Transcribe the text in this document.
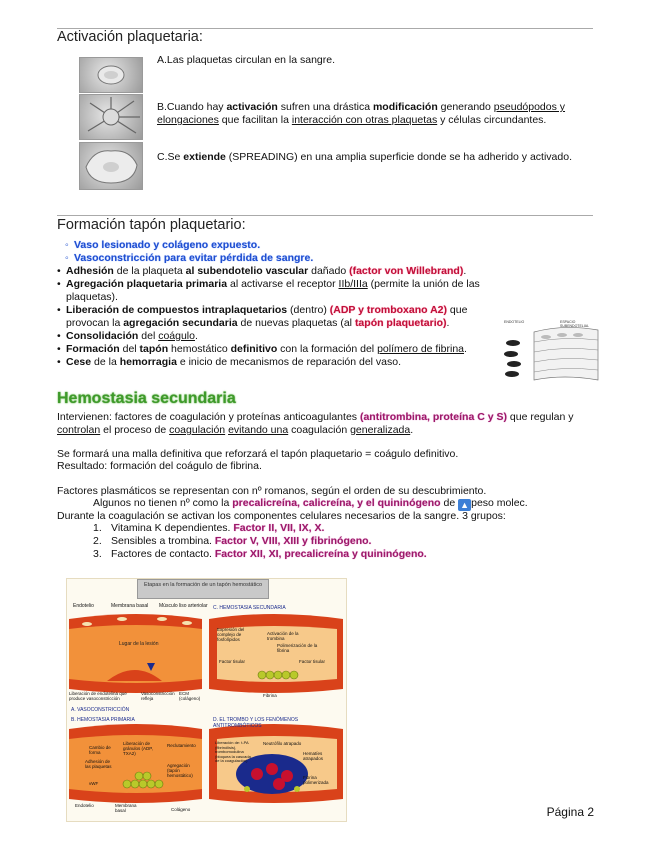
Activación plaquetaria:
A.Las plaquetas circulan en la sangre.
B.Cuando hay activación sufren una drástica modificación generando pseudópodos y elongaciones que facilitan la interacción con otras plaquetas y células circundantes.
C.Se extiende (SPREADING) en una amplia superficie donde se ha adherido y activado.
Formación tapón plaquetario:
◦ Vaso lesionado y colágeno expuesto.
◦ Vasoconstricción para evitar pérdida de sangre.
• Adhesión de la plaqueta al subendotelio vascular dañado (factor von Willebrand).
• Agregación plaquetaria primaria al activarse el receptor IIb/IIIa (permite la unión de las plaquetas).
• Liberación de compuestos intraplaquetarios (dentro) (ADP y tromboxano A2) que provocan la agregación secundaria de nuevas plaquetas (al tapón plaquetario).
• Consolidación del coágulo.
• Formación del tapón hemostático definitivo con la formación del polímero de fibrina.
• Cese de la hemorragia e inicio de mecanismos de reparación del vaso.
ENDOTELIO	ESPACIO SUBENDOTELIAL
Hemostasia secundaria
Intervienen: factores de coagulación y proteínas anticoagulantes (antitrombina, proteína C y S) que regulan y
controlan el proceso de coagulación evitando una coagulación generalizada.
Se formará una malla definitiva que reforzará el tapón plaquetario = coágulo definitivo.
Resultado: formación del coágulo de fibrina.
Factores plasmáticos se representan con nº romanos, según el orden de su descubrimiento.
Algunos no tienen nº como la precalicreína, calicreína, y el quininógeno de ▲ peso molec.
Durante la coagulación se activan los componentes celulares necesarios de la sangre. 3 grupos:
1. Vitamina K dependientes. Factor II, VII, IX, X.
2. Sensibles a trombina. Factor V, VIII, XIII y fibrinógeno.
3. Factores de contacto. Factor XII, XI, precalicreína y quininógeno.
Etapas en la formación de un tapón hemostático
Endotelio	Membrana basal Músculo liso arteriolar
Lugar de la lesión
Liberación de endotelina que produce vasoconstricción
Vasoconstricción refleja
ECM (colágeno)
A. VASOCONSTRICCIÓN
B. HEMOSTASIA PRIMARIA
C. HEMOSTASIA SECUNDARIA
D. EL TROMBO Y LOS FENÓMENOS ANTITROMBÓTICOS
Cambio de forma
Adhesión de las plaquetas
Liberación de gránulos (ADP, TXA2)
Reclutamiento
Agregación (tapón hemostático)
vWF
Endotelio	Membrana basal	Colágeno
Expresión del complejo de fosfolípidos
Activación de la trombina
Polimerización de la fibrina
Factor tisular	Factor tisular
Fibrina
Liberación de: t-PA (fibrinólisis), trombomodulina (bloquea la cascada de la coagulación)
Neutrófilo atrapado
Hematíes atrapados
Fibrina polimerizada
Página 2
